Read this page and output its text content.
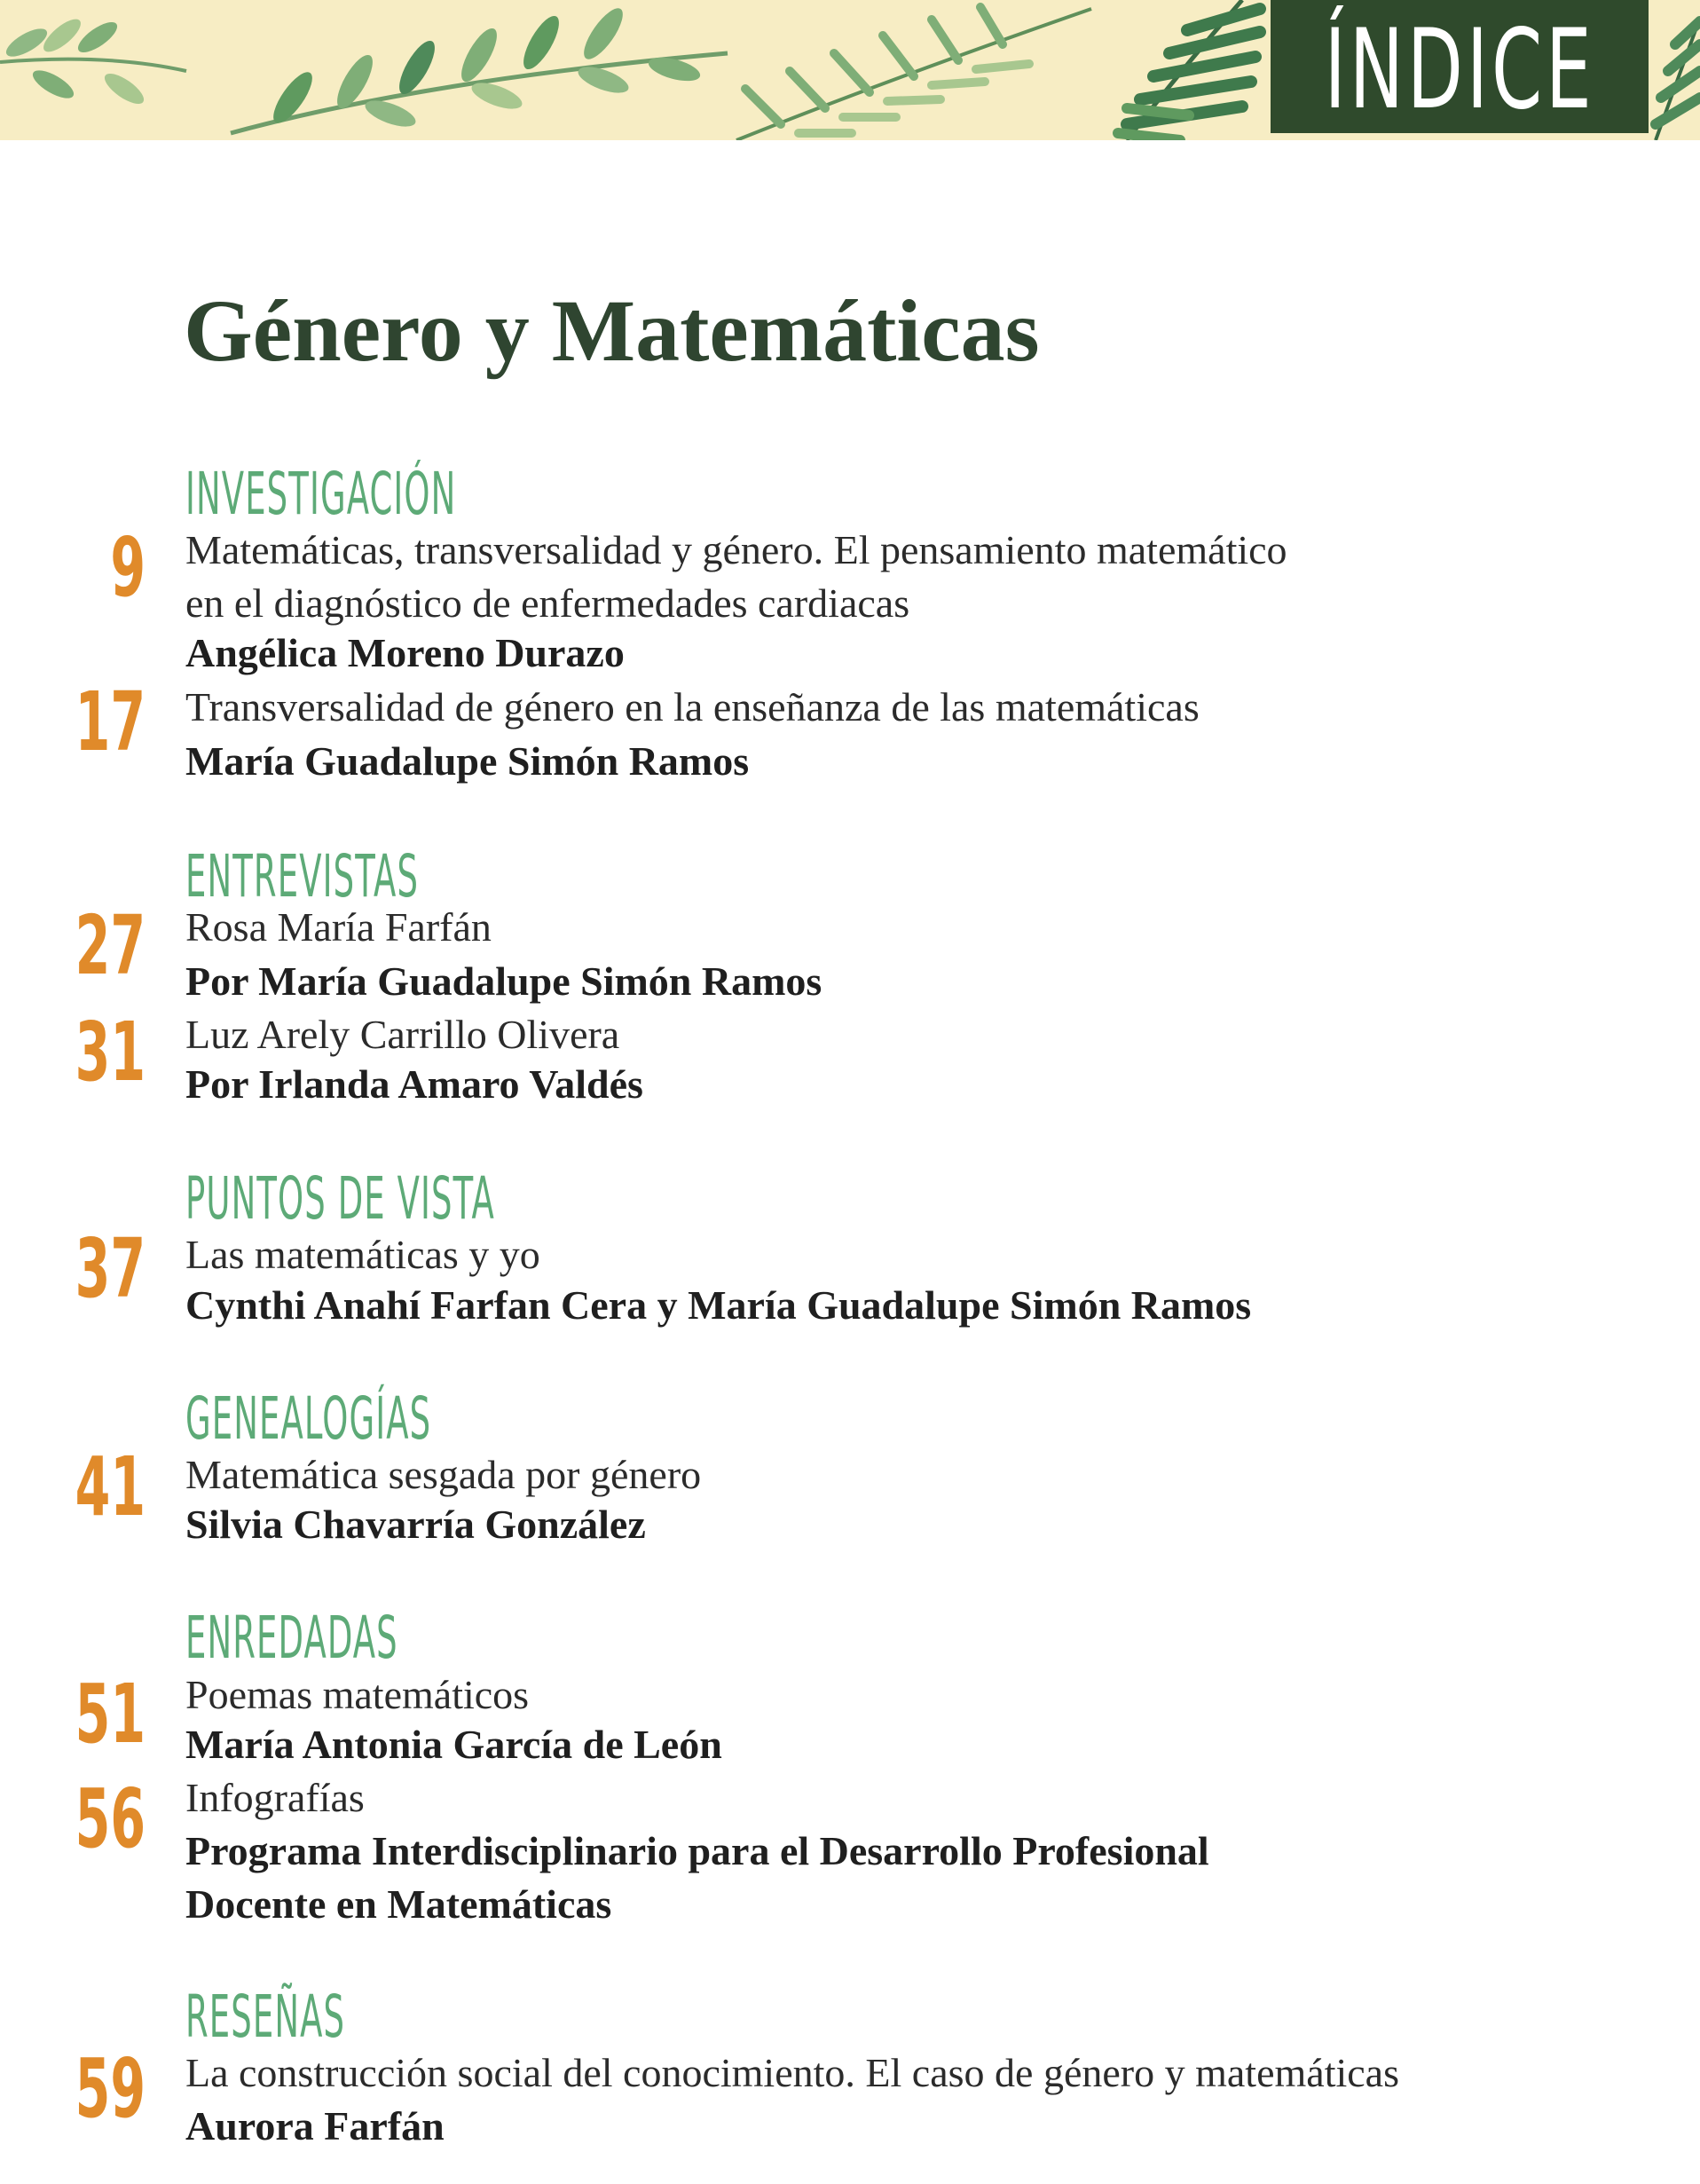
ÍNDICE
Género y Matemáticas
INVESTIGACIÓN
9 Matemáticas, transversalidad y género. El pensamiento matemático

en el diagnóstico de enfermedades cardiacas

Angélica Moreno Durazo

17 Transversalidad de género en la enseñanza de las matemáticas

María Guadalupe Simón Ramos

ENTREVISTAS
27 Rosa María Farfán

Por María Guadalupe Simón Ramos

31 Luz Arely Carrillo Olivera

Por Irlanda Amaro Valdés

PUNTOS DE VISTA
37 Las matemáticas y yo

Cynthi Anahí Farfan Cera y María Guadalupe Simón Ramos

GENEALOGÍAS
41 Matemática sesgada por género

Silvia Chavarría González

ENREDADAS
51 Poemas matemáticos

María Antonia García de León

56 Infografías

Programa Interdisciplinario para el Desarrollo Profesional

Docente en Matemáticas

RESEÑAS
59 La construcción social del conocimiento. El caso de género y matemáticas

Aurora Farfán
